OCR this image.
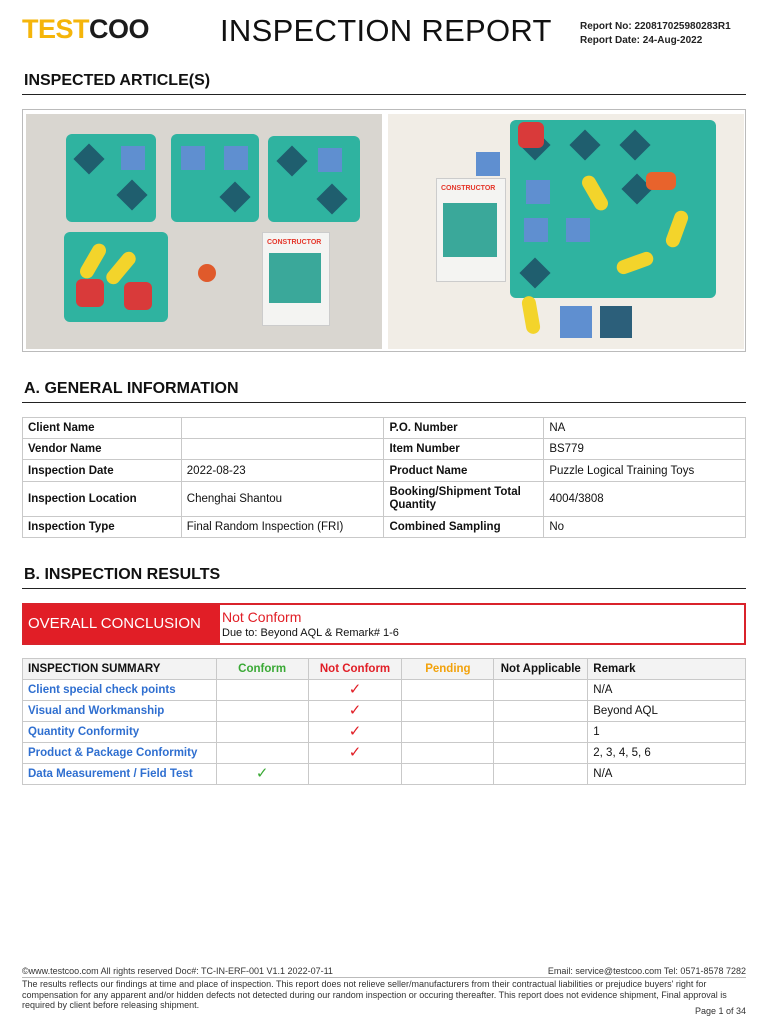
TESTCOO INSPECTION REPORT	Report No: 220817025980283R1
Report Date: 24-Aug-2022
INSPECTED ARTICLE(S)
CONSTRUCTOR
CONSTRUCTOR
A. GENERAL INFORMATION
Client Name		P.O. Number	NA
Vendor Name		Item Number	BS779
Inspection Date	2022-08-23	Product Name	Puzzle Logical Training Toys
Inspection Location	Chenghai Shantou	Booking/Shipment Total Quantity	4004/3808
Inspection Type	Final Random Inspection (FRI)	Combined Sampling	No
B. INSPECTION RESULTS
OVERALL CONCLUSION	Not Conform
Due to: Beyond AQL & Remark# 1-6
INSPECTION SUMMARY	Conform	Not Conform	Pending	Not Applicable	Remark
Client special check points		✓			N/A
Visual and Workmanship		✓			Beyond AQL
Quantity Conformity		✓			1
Product & Package Conformity		✓			2, 3, 4, 5, 6
Data Measurement / Field Test	✓				N/A
©www.testcoo.com All rights reserved Doc#: TC-IN-ERF-001 V1.1 2022-07-11	Email: service@testcoo.com Tel: 0571-8578 7282
The results reflects our findings at time and place of inspection. This report does not relieve seller/manufacturers from their contractual liabilities or prejudice buyers' right for compensation for any apparent and/or hidden defects not detected during our random inspection or occuring thereafter. This report does not evidence shipment, Final approval is required by client before releasing shipment.
Page 1 of 34
